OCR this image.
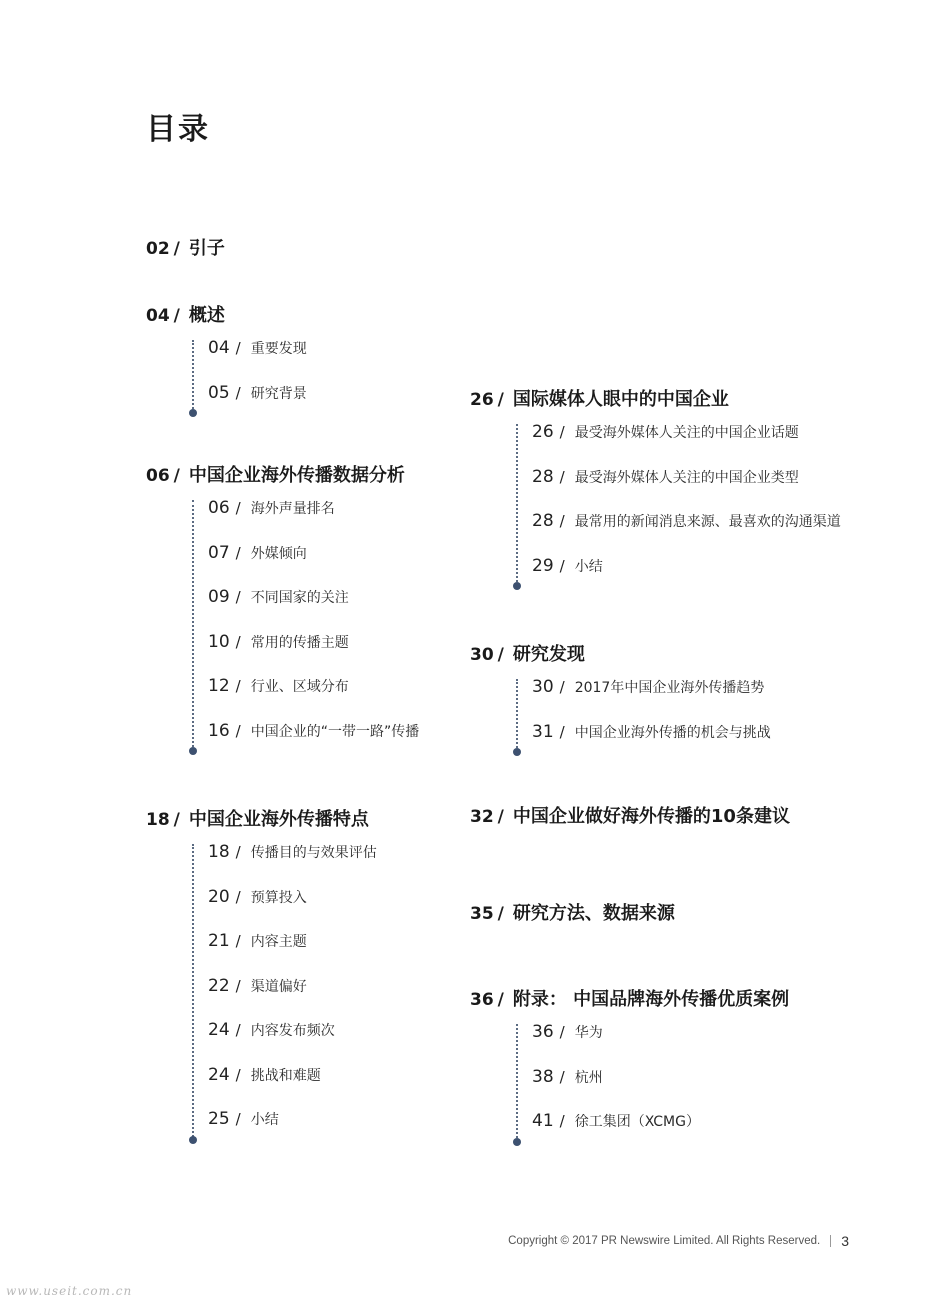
目录
02 / 引子
04 / 概述
04 / 重要发现
05 / 研究背景
06 / 中国企业海外传播数据分析
06 / 海外声量排名
07 / 外媒倾向
09 / 不同国家的关注
10 / 常用的传播主题
12 / 行业、区域分布
16 / 中国企业的“一带一路”传播
18 / 中国企业海外传播特点
18 / 传播目的与效果评估
20 / 预算投入
21 / 内容主题
22 / 渠道偏好
24 / 内容发布频次
24 / 挑战和难题
25 / 小结
26 / 国际媒体人眼中的中国企业
26 / 最受海外媒体人关注的中国企业话题
28 / 最受海外媒体人关注的中国企业类型
28 / 最常用的新闻消息来源、最喜欢的沟通渠道
29 / 小结
30 / 研究发现
30 / 2017年中国企业海外传播趋势
31 / 中国企业海外传播的机会与挑战
32 / 中国企业做好海外传播的10条建议
35 / 研究方法、数据来源
36 / 附录： 中国品牌海外传播优质案例
36 / 华为
38 / 杭州
41 / 徐工集团（XCMG）
Copyright © 2017 PR Newswire Limited. All Rights Reserved. 3
www.useit.com.cn
